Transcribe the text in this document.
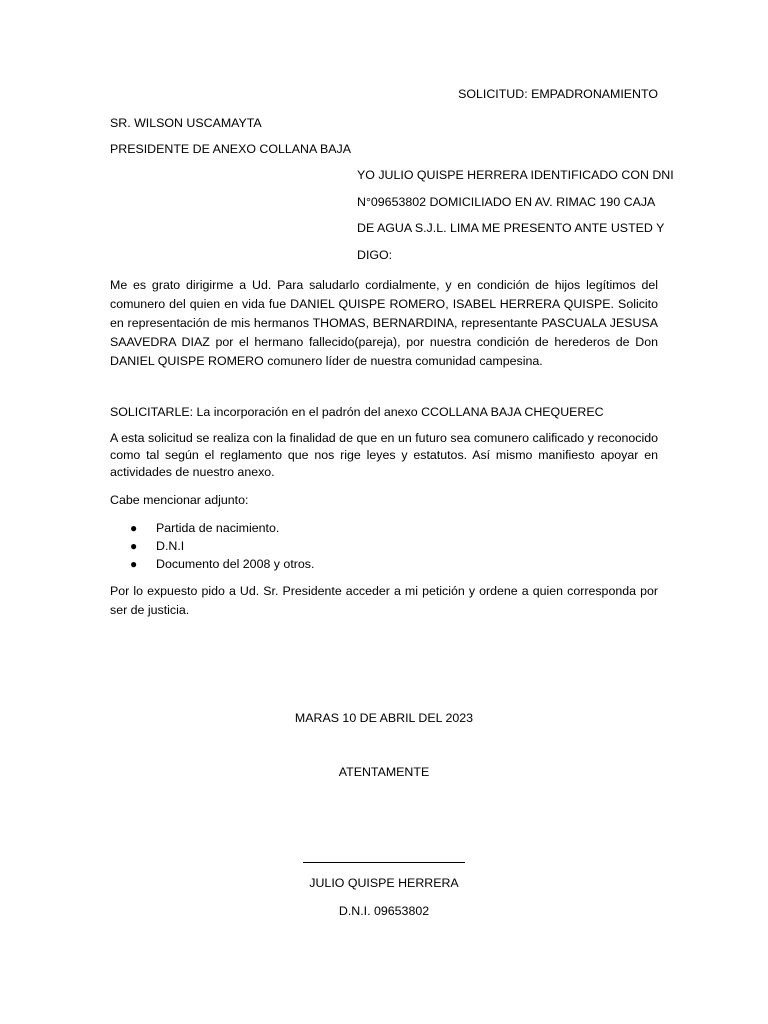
SOLICITUD: EMPADRONAMIENTO
SR. WILSON USCAMAYTA
PRESIDENTE DE ANEXO COLLANA BAJA
YO JULIO QUISPE HERRERA IDENTIFICADO CON DNI
N°09653802 DOMICILIADO EN AV. RIMAC 190 CAJA
DE AGUA S.J.L. LIMA ME PRESENTO ANTE USTED Y
DIGO:
Me es grato dirigirme a Ud. Para saludarlo cordialmente, y en condición de hijos legítimos del comunero del quien en vida fue DANIEL QUISPE ROMERO, ISABEL HERRERA QUISPE. Solicito en representación de mis hermanos THOMAS, BERNARDINA, representante PASCUALA JESUSA SAAVEDRA DIAZ por el hermano fallecido(pareja), por nuestra condición de herederos de Don DANIEL QUISPE ROMERO comunero líder de nuestra comunidad campesina.
SOLICITARLE: La incorporación en el padrón del anexo CCOLLANA BAJA CHEQUEREC
A esta solicitud se realiza con la finalidad de que en un futuro sea comunero calificado y reconocido como tal según el reglamento que nos rige leyes y estatutos. Así mismo manifiesto apoyar en actividades de nuestro anexo.
Cabe mencionar adjunto:
● Partida de nacimiento.
● D.N.I
● Documento del 2008 y otros.
Por lo expuesto pido a Ud. Sr. Presidente acceder a mi petición y ordene a quien corresponda por ser de justicia.
MARAS 10 DE ABRIL DEL 2023
ATENTAMENTE
JULIO QUISPE HERRERA
D.N.I. 09653802
